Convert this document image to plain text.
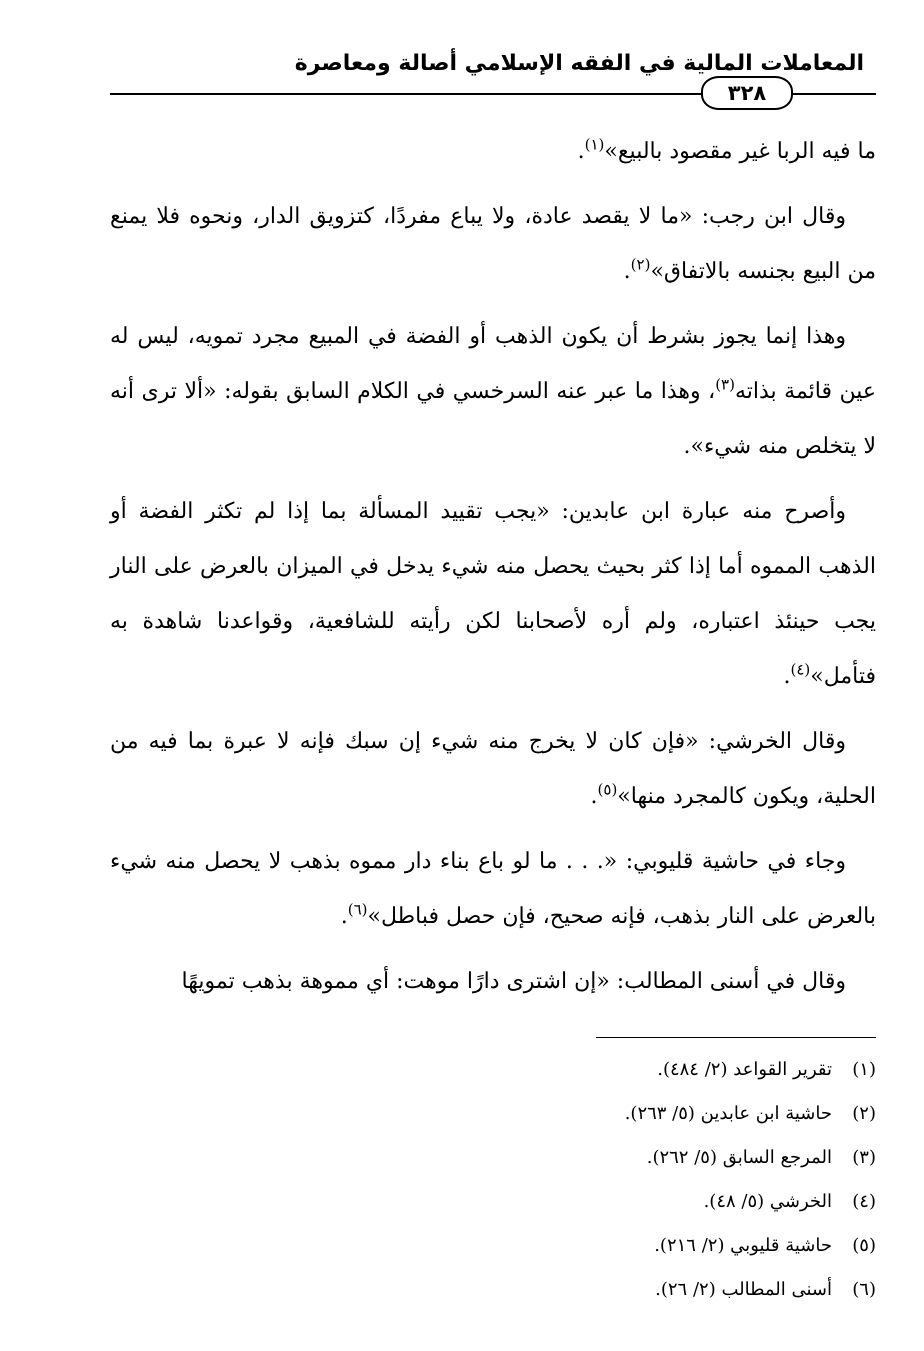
المعاملات المالية في الفقه الإسلامي أصالة ومعاصرة
٣٢٨

ما فيه الربا غير مقصود بالبيع»$^{(١)}$.

وقال ابن رجب: «ما لا يقصد عادة، ولا يباع مفردًا، كتزويق الدار، ونحوه فلا يمنع من البيع بجنسه بالاتفاق»$^{(٢)}$.

وهذا إنما يجوز بشرط أن يكون الذهب أو الفضة في المبيع مجرد تمويه، ليس له عين قائمة بذاته$^{(٣)}$، وهذا ما عبر عنه السرخسي في الكلام السابق بقوله: «ألا ترى أنه لا يتخلص منه شيء».

وأصرح منه عبارة ابن عابدين: «يجب تقييد المسألة بما إذا لم تكثر الفضة أو الذهب المموه أما إذا كثر بحيث يحصل منه شيء يدخل في الميزان بالعرض على النار يجب حينئذ اعتباره، ولم أره لأصحابنا لكن رأيته للشافعية، وقواعدنا شاهدة به فتأمل»$^{(٤)}$.

وقال الخرشي: «فإن كان لا يخرج منه شيء إن سبك فإنه لا عبرة بما فيه من الحلية، ويكون كالمجرد منها»$^{(٥)}$.

وجاء في حاشية قليوبي: «. . . ما لو باع بناء دار مموه بذهب لا يحصل منه شيء بالعرض على النار بذهب، فإنه صحيح، فإن حصل فباطل»$^{(٦)}$.

وقال في أسنى المطالب: «إن اشترى دارًا موهت: أي مموهة بذهب تمويهًا

(١)
تقرير القواعد (٢/ ٤٨٤).
(٢)
حاشية ابن عابدين (٥/ ٢٦٣).
(٣)
المرجع السابق (٥/ ٢٦٢).
(٤)
الخرشي (٥/ ٤٨).
(٥)
حاشية قليوبي (٢/ ٢١٦).
(٦)
أسنى المطالب (٢/ ٢٦).
